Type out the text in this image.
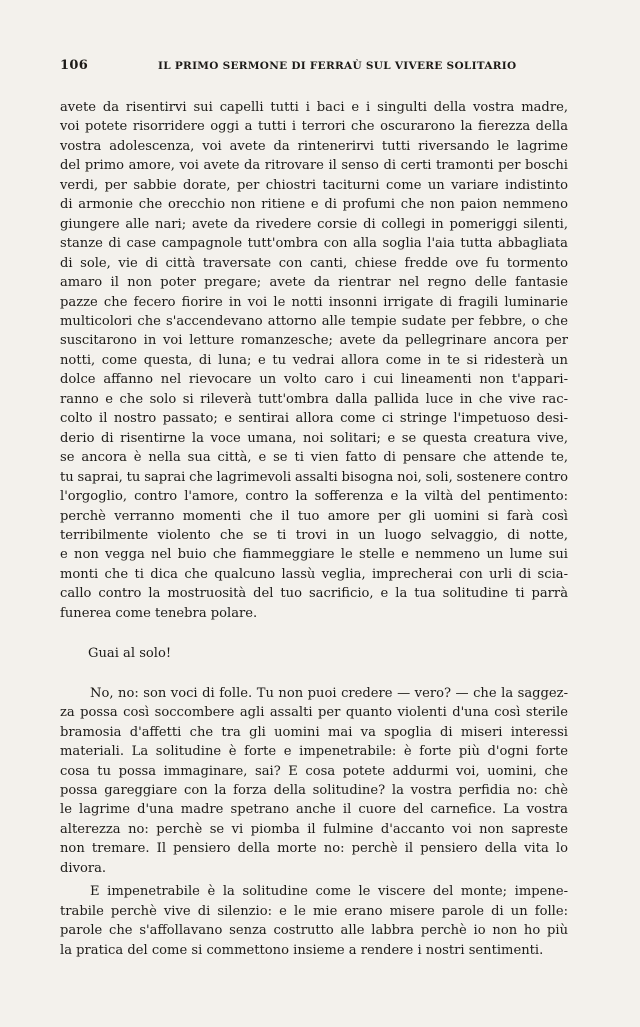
106	IL PRIMO SERMONE DI FERRAÙ SUL VIVERE SOLITARIO

avete da risentirvi sui capelli tutti i baci e i singulti della vostra madre,
voi potete risorridere oggi a tutti i terrori che oscurarono la fierezza della
vostra adolescenza, voi avete da rintenerirvi tutti riversando le lagrime
del primo amore, voi avete da ritrovare il senso di certi tramonti per boschi
verdi, per sabbie dorate, per chiostri taciturni come un variare indistinto
di armonie che orecchio non ritiene e di profumi che non paion nemmeno
giungere alle nari; avete da rivedere corsie di collegi in pomeriggi silenti,
stanze di case campagnole tutt'ombra con alla soglia l'aia tutta abbagliata
di sole, vie di città traversate con canti, chiese fredde ove fu tormento
amaro il non poter pregare; avete da rientrar nel regno delle fantasie
pazze che fecero fiorire in voi le notti insonni irrigate di fragili luminarie
multicolori che s'accendevano attorno alle tempie sudate per febbre, o che
suscitarono in voi letture romanzesche; avete da pellegrinare ancora per
notti, come questa, di luna; e tu vedrai allora come in te si ridesterà un
dolce affanno nel rievocare un volto caro i cui lineamenti non t'appari-
ranno e che solo si rileverà tutt'ombra dalla pallida luce in che vive rac-
colto il nostro passato; e sentirai allora come ci stringe l'impetuoso desi-
derio di risentirne la voce umana, noi solitari; e se questa creatura vive,
se ancora è nella sua città, e se ti vien fatto di pensare che attende te,
tu saprai, tu saprai che lagrimevoli assalti bisogna noi, soli, sostenere contro
l'orgoglio, contro l'amore, contro la sofferenza e la viltà del pentimento:
perchè verranno momenti che il tuo amore per gli uomini si farà così
terribilmente violento che se ti trovi in un luogo selvaggio, di notte,
e non vegga nel buio che fiammeggiare le stelle e nemmeno un lume sui
monti che ti dica che qualcuno lassù veglia, imprecherai con urli di scia-
callo contro la mostruosità del tuo sacrificio, e la tua solitudine ti parrà
funerea come tenebra polare.

Guai al solo!

No, no: son voci di folle. Tu non puoi credere — vero? — che la saggez-
za possa così soccombere agli assalti per quanto violenti d'una così sterile
bramosia d'affetti che tra gli uomini mai va spoglia di miseri interessi
materiali. La solitudine è forte e impenetrabile: è forte più d'ogni forte
cosa tu possa immaginare, sai? E cosa potete addurmi voi, uomini, che
possa gareggiare con la forza della solitudine? la vostra perfidia no: chè
le lagrime d'una madre spetrano anche il cuore del carnefice. La vostra
alterezza no: perchè se vi piomba il fulmine d'accanto voi non sapreste
non tremare. Il pensiero della morte no: perchè il pensiero della vita lo
divora.

E impenetrabile è la solitudine come le viscere del monte; impene-
trabile perchè vive di silenzio: e le mie erano misere parole di un folle:
parole che s'affollavano senza costrutto alle labbra perchè io non ho più
la pratica del come si commettono insieme a rendere i nostri sentimenti.
